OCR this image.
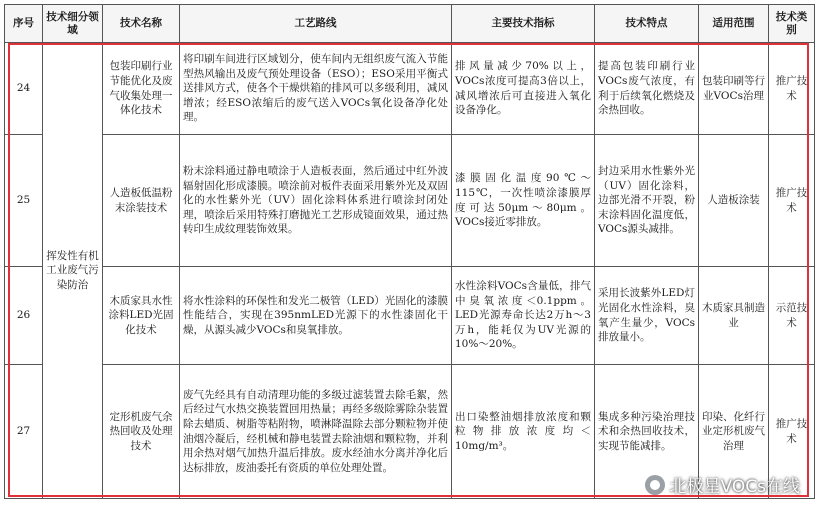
序号	技术细分领域	技术名称	工艺路线	主要技术指标	技术特点	适用范围	技术类别
24	挥发性有机工业废气污染防治	包装印刷行业节能优化及废气收集处理一体化技术	将印刷车间进行区域划分，使车间内无组织废气流入节能型热风输出及废气预处理设备（ESO）；ESO采用平衡式送排风方式，使各个干燥烘箱的排风可以多级利用，减风增浓；经ESO浓缩后的废气送入VOCs氧化设备净化处理。	排风量减少70%以上，VOCs浓度可提高3倍以上，减风增浓后可直接进入氧化设备净化。	提高包装印刷行业VOCs废气浓度，有利于后续氧化燃烧及余热回收。	包装印刷等行业VOCs治理	推广技术
25		人造板低温粉末涂装技术	粉末涂料通过静电喷涂于人造板表面，然后通过中红外波辐射固化形成漆膜。喷涂前对板件表面采用紫外光及双固化的水性紫外光（UV）固化涂料体系进行喷涂封闭处理，喷涂后采用特殊打磨抛光工艺形成镜面效果，通过热转印生成纹理装饰效果。	漆膜固化温度90℃～115℃，一次性喷涂漆膜厚度可达50μm～80μm。VOCs接近零排放。	封边采用水性紫外光（UV）固化涂料，边部光滑不开裂，粉末涂料固化温度低，VOCs源头减排。	人造板涂装	推广技术
26		木质家具水性涂料LED光固化技术	将水性涂料的环保性和发光二极管（LED）光固化的漆膜性能结合，实现在395nmLED光源下的水性漆固化干燥，从源头减少VOCs和臭氧排放。	水性涂料VOCs含量低，排气中臭氧浓度＜0.1ppm。LED光源寿命长达2万h～3万h，能耗仅为UV光源的10%～20%。	采用长波紫外LED灯光固化水性涂料，臭氧产生量少，VOCs排放量小。	木质家具制造业	示范技术
27		定形机废气余热回收及处理技术	废气先经具有自动清理功能的多级过滤装置去除毛絮，然后经过气水热交换装置回用热量；再经多级除雾除杂装置除去蜡质、树脂等粘附物，喷淋降温除去部分颗粒物并使油烟冷凝后，经机械和静电装置去除油烟和颗粒物，并利用余热对烟气加热升温后排放。废水经油水分离并净化后达标排放，废油委托有资质的单位处理处置。	出口染整油烟排放浓度和颗粒物排放浓度均＜10mg/m³。	集成多种污染治理技术和余热回收技术，实现节能减排。	印染、化纤行业定形机废气治理	推广技术
北极星VOCs在线
